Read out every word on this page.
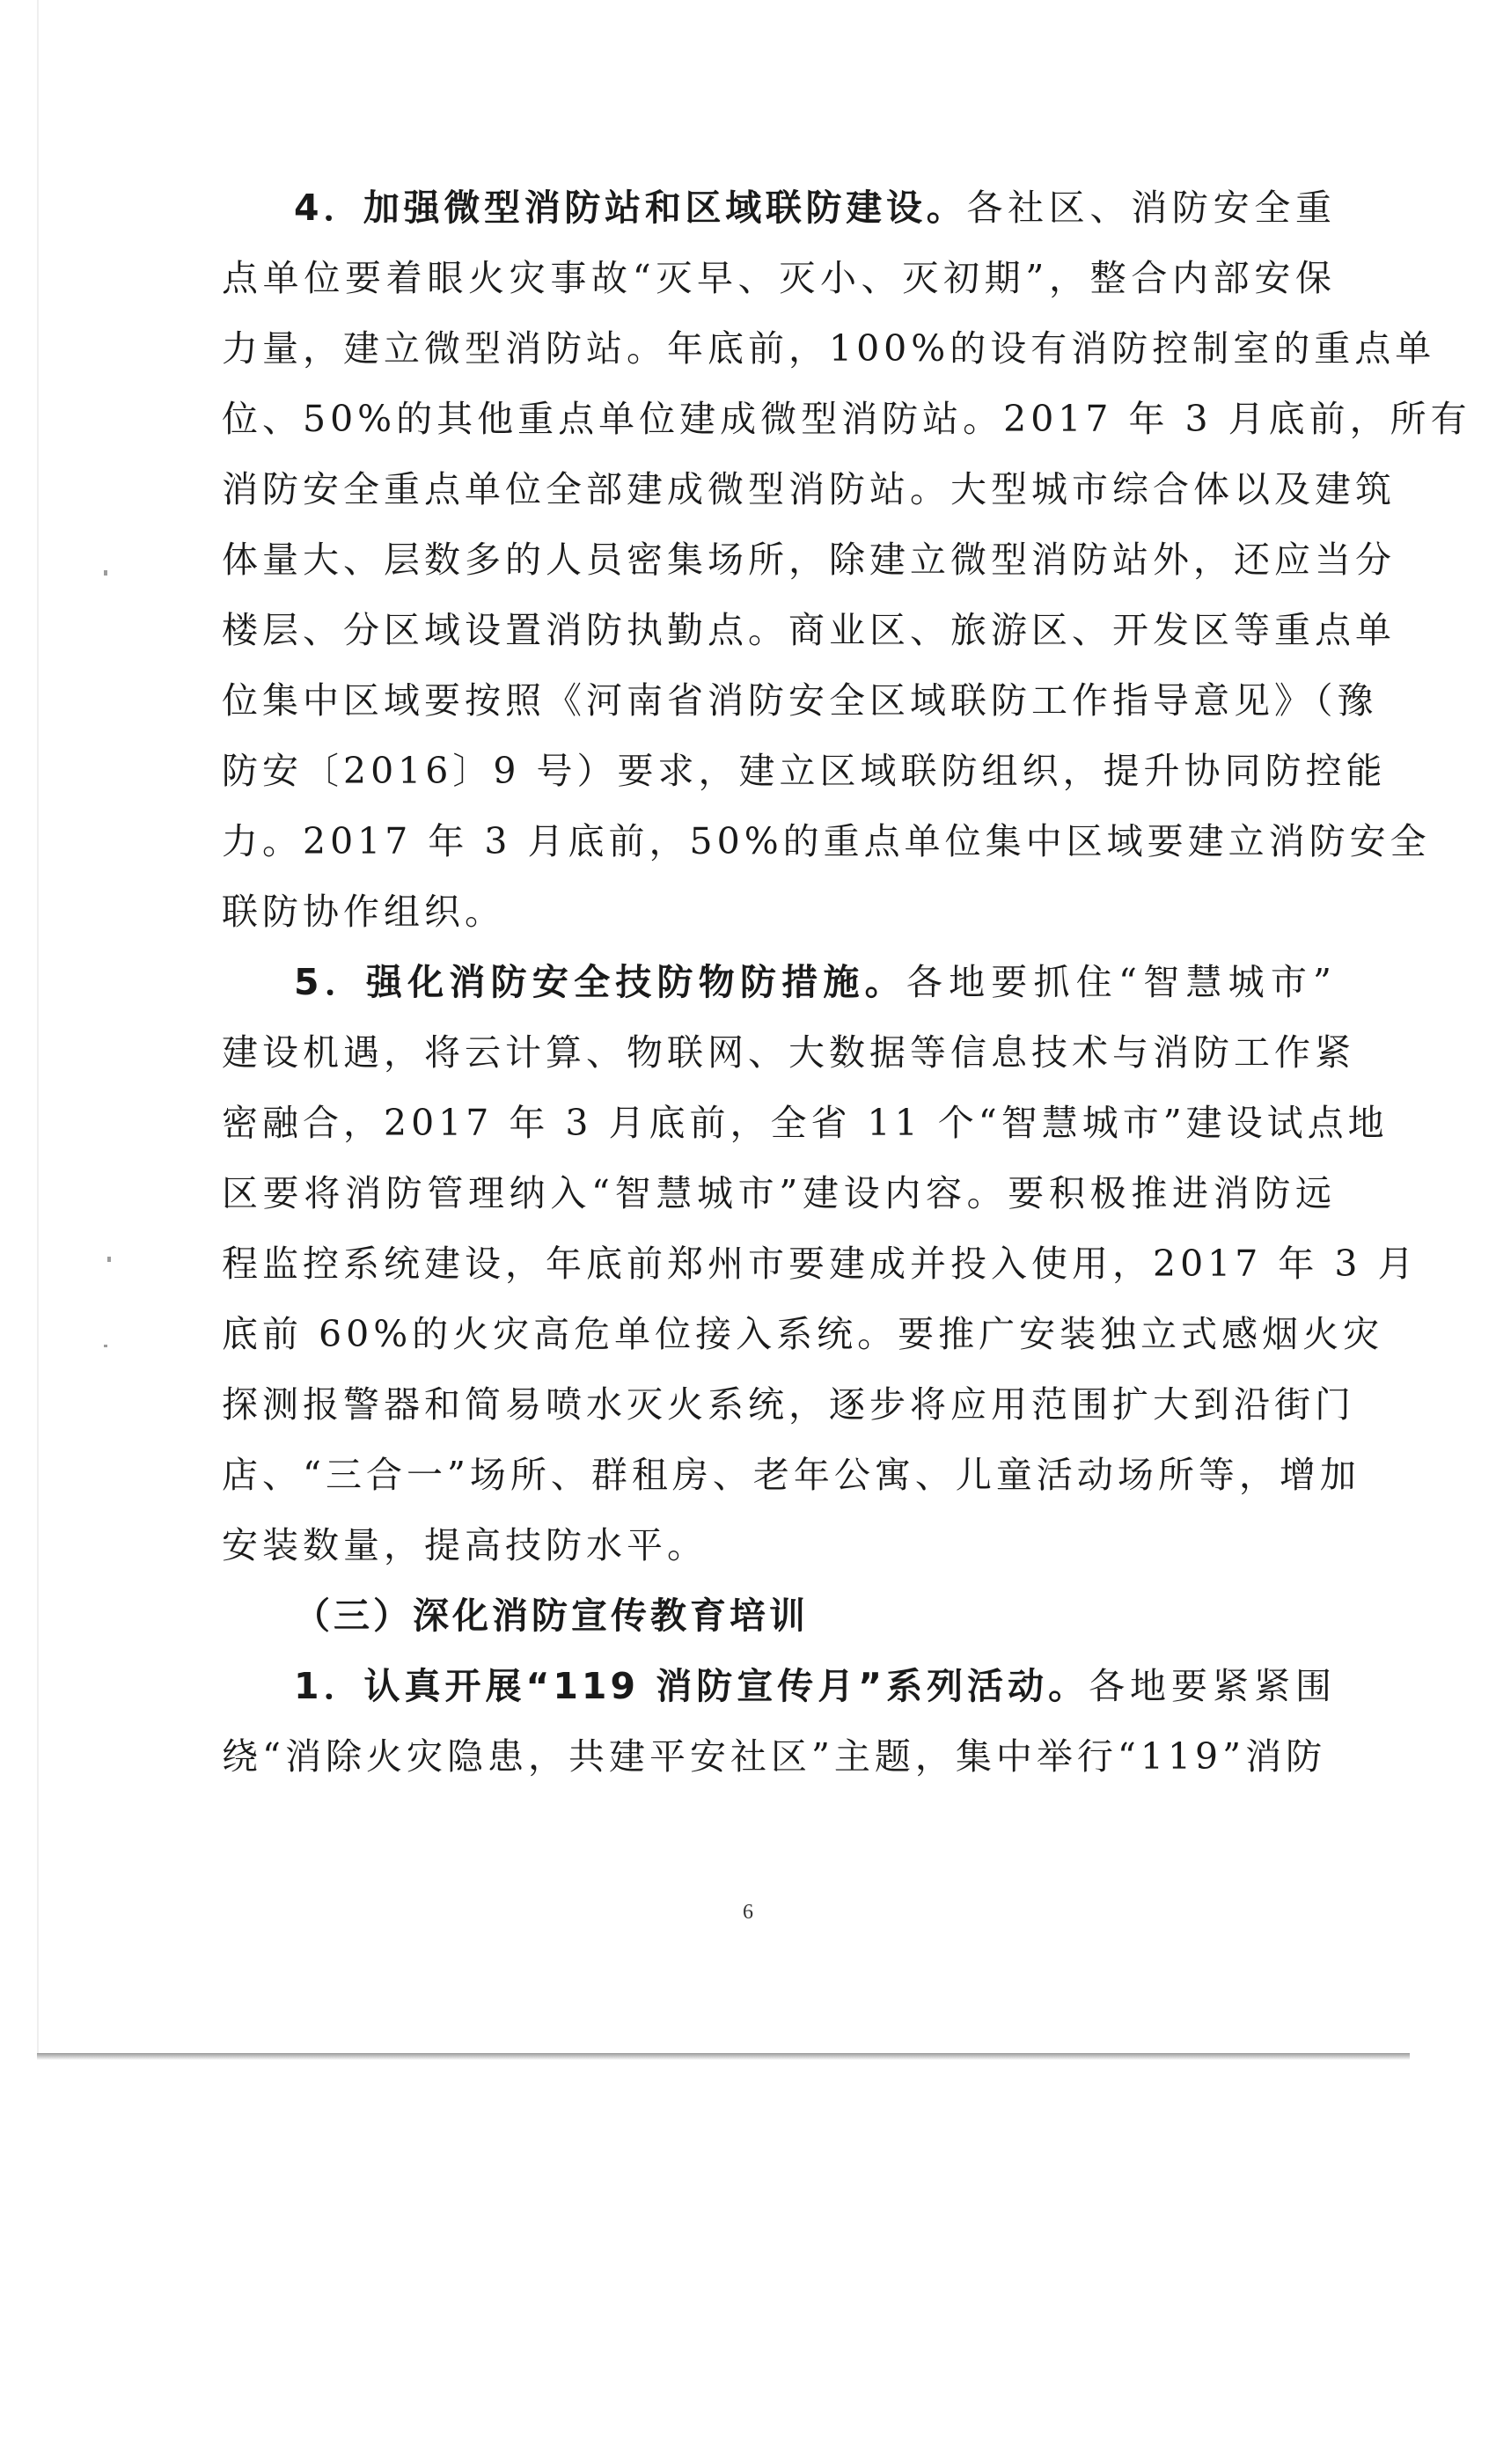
4．加强微型消防站和区域联防建设。各社区、消防安全重
点单位要着眼火灾事故“灭早、灭小、灭初期”，整合内部安保
力量，建立微型消防站。年底前，100%的设有消防控制室的重点单
位、50%的其他重点单位建成微型消防站。2017 年 3 月底前，所有
消防安全重点单位全部建成微型消防站。大型城市综合体以及建筑
体量大、层数多的人员密集场所，除建立微型消防站外，还应当分
楼层、分区域设置消防执勤点。商业区、旅游区、开发区等重点单
位集中区域要按照《河南省消防安全区域联防工作指导意见》（豫
防安〔2016〕9 号）要求，建立区域联防组织，提升协同防控能
力。2017 年 3 月底前，50%的重点单位集中区域要建立消防安全
联防协作组织。
5．强化消防安全技防物防措施。各地要抓住“智慧城市”
建设机遇，将云计算、物联网、大数据等信息技术与消防工作紧
密融合，2017 年 3 月底前，全省 11 个“智慧城市”建设试点地
区要将消防管理纳入“智慧城市”建设内容。要积极推进消防远
程监控系统建设，年底前郑州市要建成并投入使用，2017 年 3 月
底前 60%的火灾高危单位接入系统。要推广安装独立式感烟火灾
探测报警器和简易喷水灭火系统，逐步将应用范围扩大到沿街门
店、“三合一”场所、群租房、老年公寓、儿童活动场所等，增加
安装数量，提高技防水平。
（三）深化消防宣传教育培训
1．认真开展“119 消防宣传月”系列活动。各地要紧紧围
绕“消除火灾隐患，共建平安社区”主题，集中举行“119”消防
6
